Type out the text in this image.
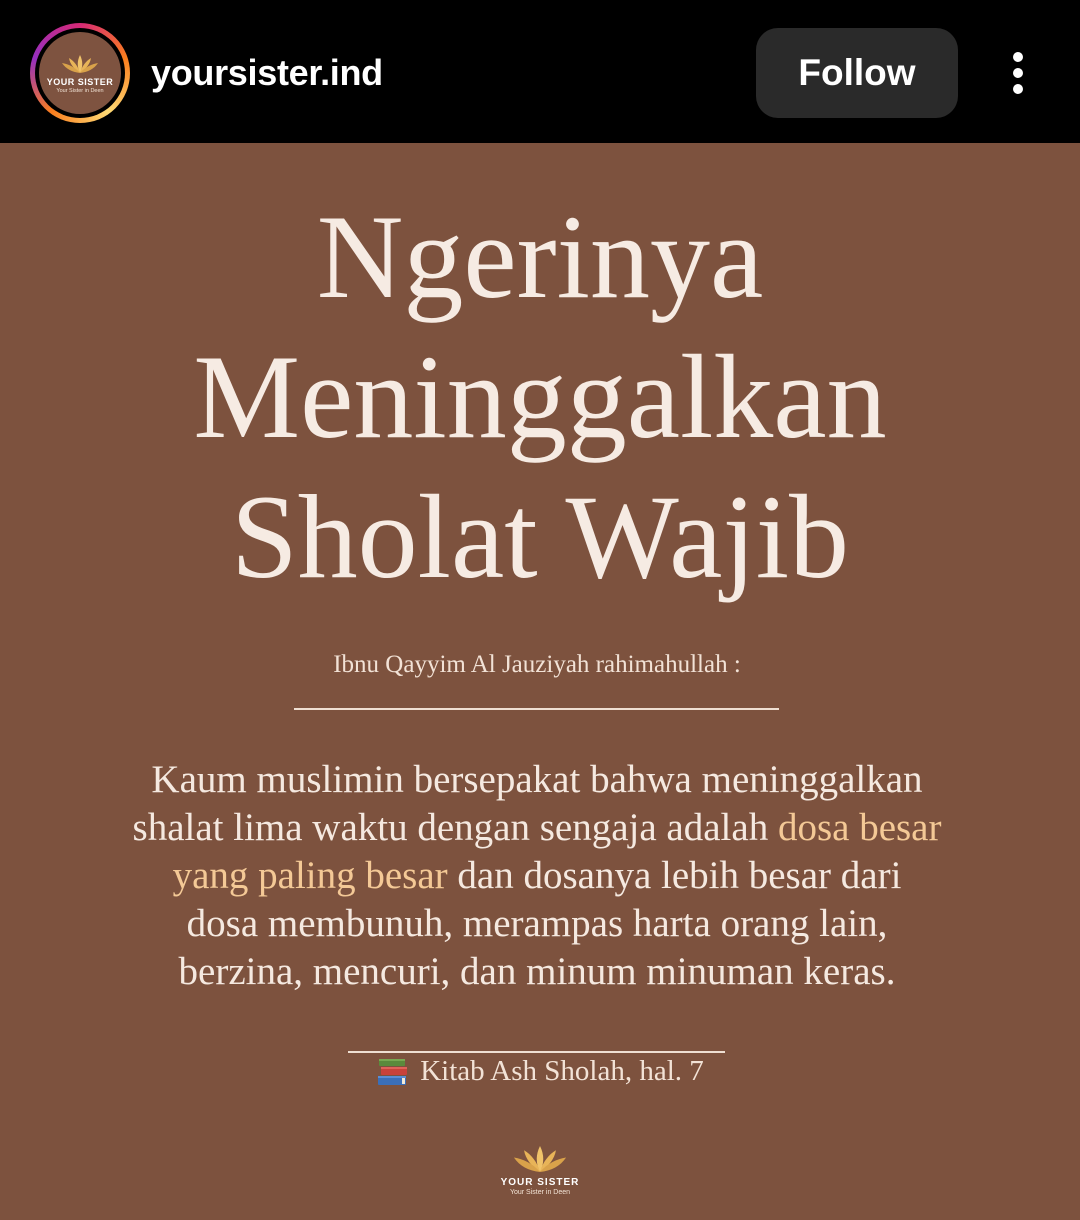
YOUR SISTER
Your Sister in Deen yoursister.ind	Follow
Ngerinya
Meninggalkan
Sholat Wajib
Ibnu Qayyim Al Jauziyah rahimahullah :
Kaum muslimin bersepakat bahwa meninggalkan
shalat lima waktu dengan sengaja adalah dosa besar
yang paling besar dan dosanya lebih besar dari
dosa membunuh, merampas harta orang lain,
berzina, mencuri, dan minum minuman keras.
Kitab Ash Sholah, hal. 7
YOUR SISTER
Your Sister in Deen
